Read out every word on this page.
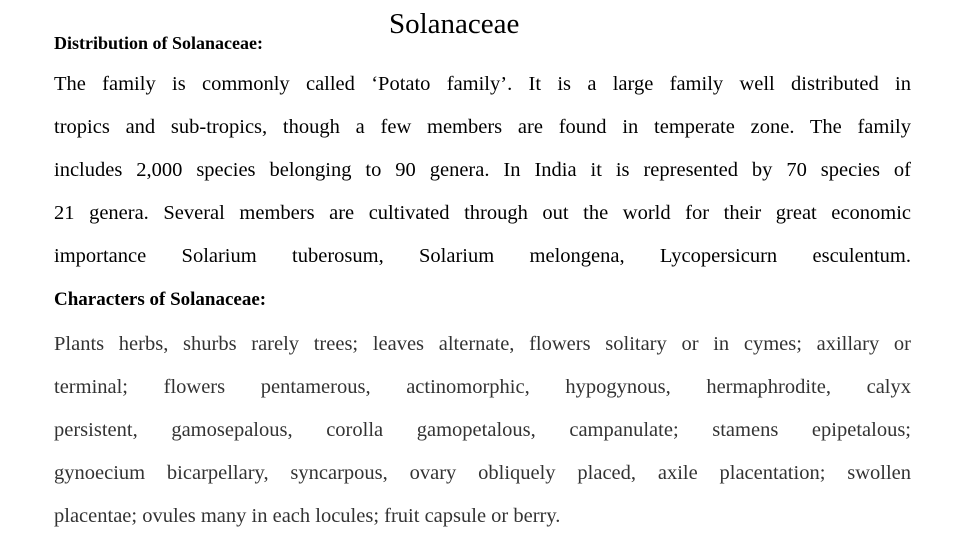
Distribution of Solanaceae:
Solanaceae
The family is commonly called ‘Potato family’. It is a large family well distributed in
tropics and sub-tropics, though a few members are found in temperate zone. The family
includes 2,000 species belonging to 90 genera. In India it is represented by 70 species of
21 genera. Several members are cultivated through out the world for their great economic
importance Solarium tuberosum, Solarium melongena, Lycopersicurn esculentum.
Characters of Solanaceae:
Plants herbs, shurbs rarely trees; leaves alternate, flowers solitary or in cymes; axillary or
terminal; flowers pentamerous, actinomorphic, hypogynous, hermaphrodite, calyx
persistent, gamosepalous, corolla gamopetalous, campanulate; stamens epipetalous;
gynoecium bicarpellary, syncarpous, ovary obliquely placed, axile placentation; swollen
placentae; ovules many in each locules; fruit capsule or berry.
